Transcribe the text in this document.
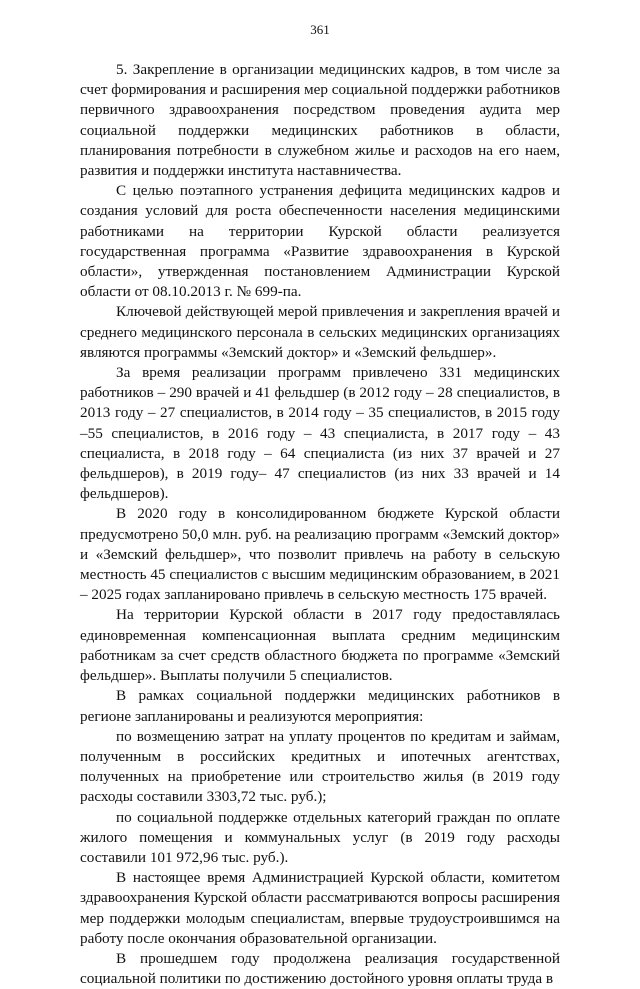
361

5. Закрепление в организации медицинских кадров, в том числе за счет формирования и расширения мер социальной поддержки работников первичного здравоохранения посредством проведения аудита мер социальной поддержки медицинских работников в области, планирования потребности в служебном жилье и расходов на его наем, развития и поддержки института наставничества.

С целью поэтапного устранения дефицита медицинских кадров и создания условий для роста обеспеченности населения медицинскими работниками на территории Курской области реализуется государственная программа «Развитие здравоохранения в Курской области», утвержденная постановлением Администрации Курской области от 08.10.2013 г. № 699-па.

Ключевой действующей мерой привлечения и закрепления врачей и среднего медицинского персонала в сельских медицинских организациях являются программы «Земский доктор» и «Земский фельдшер».

За время реализации программ привлечено 331 медицинских работников – 290 врачей и 41 фельдшер (в 2012 году – 28 специалистов, в 2013 году – 27 специалистов, в 2014 году – 35 специалистов, в 2015 году –55 специалистов, в 2016 году – 43 специалиста, в 2017 году – 43 специалиста, в 2018 году – 64 специалиста (из них 37 врачей и 27 фельдшеров), в 2019 году– 47 специалистов (из них 33 врачей и 14 фельдшеров).

В 2020 году в консолидированном бюджете Курской области предусмотрено 50,0 млн. руб. на реализацию программ «Земский доктор» и «Земский фельдшер», что позволит привлечь на работу в сельскую местность 45 специалистов с высшим медицинским образованием, в 2021 – 2025 годах запланировано привлечь в сельскую местность 175 врачей.

На территории Курской области в 2017 году предоставлялась единовременная компенсационная выплата средним медицинским работникам за счет средств областного бюджета по программе «Земский фельдшер». Выплаты получили 5 специалистов.

В рамках социальной поддержки медицинских работников в регионе запланированы и реализуются мероприятия:

по возмещению затрат на уплату процентов по кредитам и займам, полученным в российских кредитных и ипотечных агентствах, полученных на приобретение или строительство жилья (в 2019 году расходы составили 3303,72 тыс. руб.);

по социальной поддержке отдельных категорий граждан по оплате жилого помещения и коммунальных услуг (в 2019 году расходы составили 101 972,96 тыс. руб.).

В настоящее время Администрацией Курской области, комитетом здравоохранения Курской области рассматриваются вопросы расширения мер поддержки молодым специалистам, впервые трудоустроившимся на работу после окончания образовательной организации.

В прошедшем году продолжена реализация государственной социальной политики по достижению достойного уровня оплаты труда в
